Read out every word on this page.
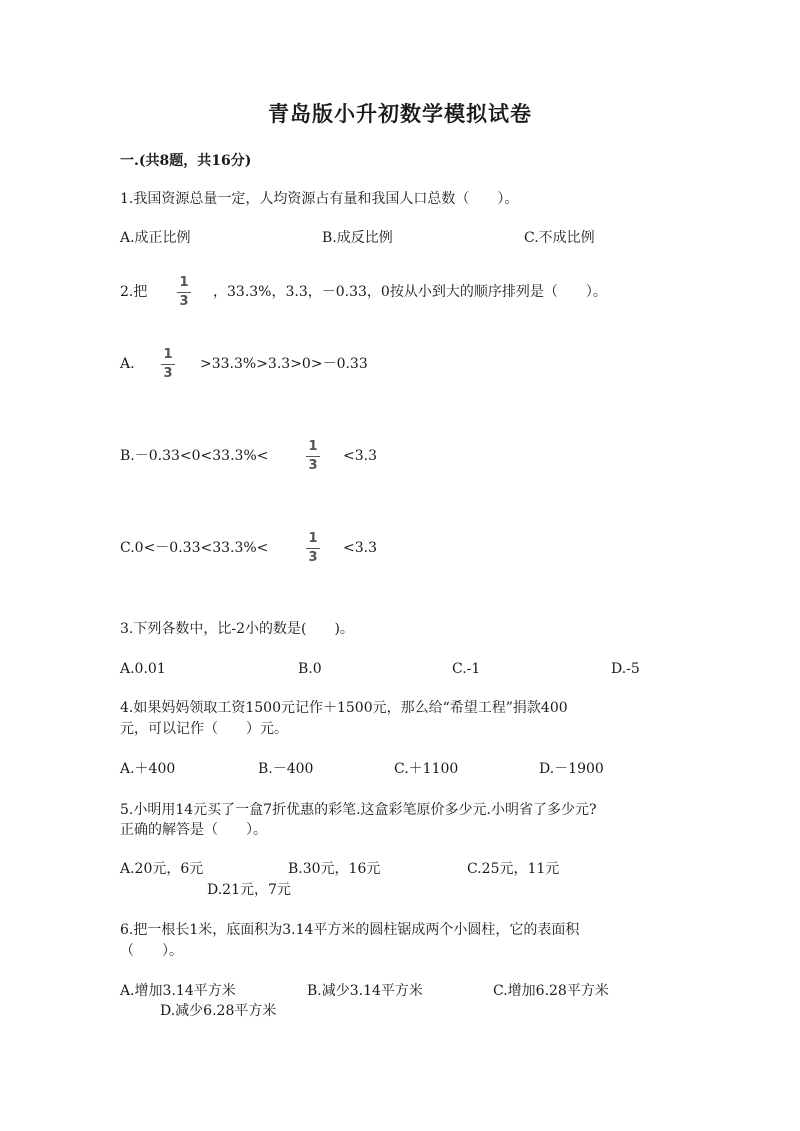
青岛版小升初数学模拟试卷
一.(共8题，共16分)
1.我国资源总量一定，人均资源占有量和我国人口总数（　　）。
A.成正比例	B.成反比例	C.不成比例
2.把
1
3
，33.3%，3.3，－0.33，0按从小到大的顺序排列是（　　）。
A.
1
3
>33.3%>3.3>0>－0.33
B.－0.33<0<33.3%<
1
3
<3.3
C.0<－0.33<33.3%<
1
3
<3.3
3.下列各数中，比-2小的数是(　　)。
A.0.01	B.0	C.-1	D.-5
4.如果妈妈领取工资1500元记作＋1500元，那么给“希望工程”捐款400
元，可以记作（　　）元。
A.＋400	B.－400	C.＋1100	D.－1900
5.小明用14元买了一盒7折优惠的彩笔.这盒彩笔原价多少元.小明省了多少元?
正确的解答是（　　）。
A.20元，6元	B.30元，16元	C.25元，11元
D.21元，7元
6.把一根长1米，底面积为3.14平方米的圆柱锯成两个小圆柱，它的表面积
（　　）。
A.增加3.14平方米	B.减少3.14平方米	C.增加6.28平方米
D.减少6.28平方米
